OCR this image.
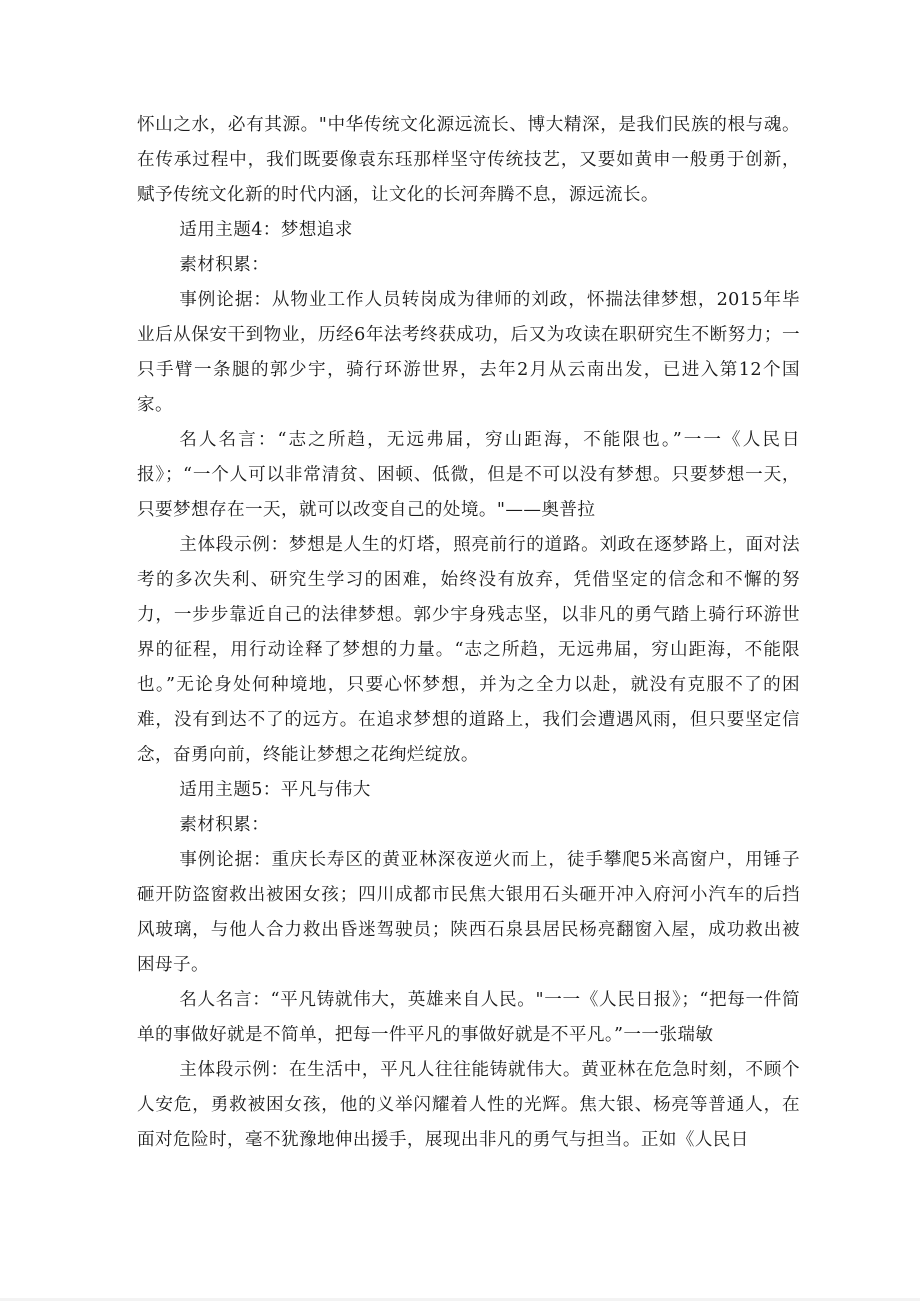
怀山之水，必有其源。"中华传统文化源远流长、博大精深，是我们民族的根与魂。在传承过程中，我们既要像袁东珏那样坚守传统技艺，又要如黄申一般勇于创新，赋予传统文化新的时代内涵，让文化的长河奔腾不息，源远流长。

适用主题4：梦想追求

素材积累：

事例论据：从物业工作人员转岗成为律师的刘政，怀揣法律梦想，2015年毕业后从保安干到物业，历经6年法考终获成功，后又为攻读在职研究生不断努力；一只手臂一条腿的郭少宇，骑行环游世界，去年2月从云南出发，已进入第12个国家。

名人名言：“志之所趋，无远弗届，穷山距海，不能限也。”一一《人民日报》；“一个人可以非常清贫、困顿、低微，但是不可以没有梦想。只要梦想一天，只要梦想存在一天，就可以改变自己的处境。"——奥普拉

主体段示例：梦想是人生的灯塔，照亮前行的道路。刘政在逐梦路上，面对法考的多次失利、研究生学习的困难，始终没有放弃，凭借坚定的信念和不懈的努力，一步步靠近自己的法律梦想。郭少宇身残志坚，以非凡的勇气踏上骑行环游世界的征程，用行动诠释了梦想的力量。“志之所趋，无远弗届，穷山距海，不能限也。”无论身处何种境地，只要心怀梦想，并为之全力以赴，就没有克服不了的困难，没有到达不了的远方。在追求梦想的道路上，我们会遭遇风雨，但只要坚定信念，奋勇向前，终能让梦想之花绚烂绽放。

适用主题5：平凡与伟大

素材积累：

事例论据：重庆长寿区的黄亚林深夜逆火而上，徒手攀爬5米高窗户，用锤子砸开防盗窗救出被困女孩；四川成都市民焦大银用石头砸开冲入府河小汽车的后挡风玻璃，与他人合力救出昏迷驾驶员；陕西石泉县居民杨亮翻窗入屋，成功救出被困母子。

名人名言：“平凡铸就伟大，英雄来自人民。"一一《人民日报》；“把每一件简单的事做好就是不简单，把每一件平凡的事做好就是不平凡。”一一张瑞敏

主体段示例：在生活中，平凡人往往能铸就伟大。黄亚林在危急时刻，不顾个人安危，勇救被困女孩，他的义举闪耀着人性的光辉。焦大银、杨亮等普通人，在面对危险时，毫不犹豫地伸出援手，展现出非凡的勇气与担当。正如《人民日
